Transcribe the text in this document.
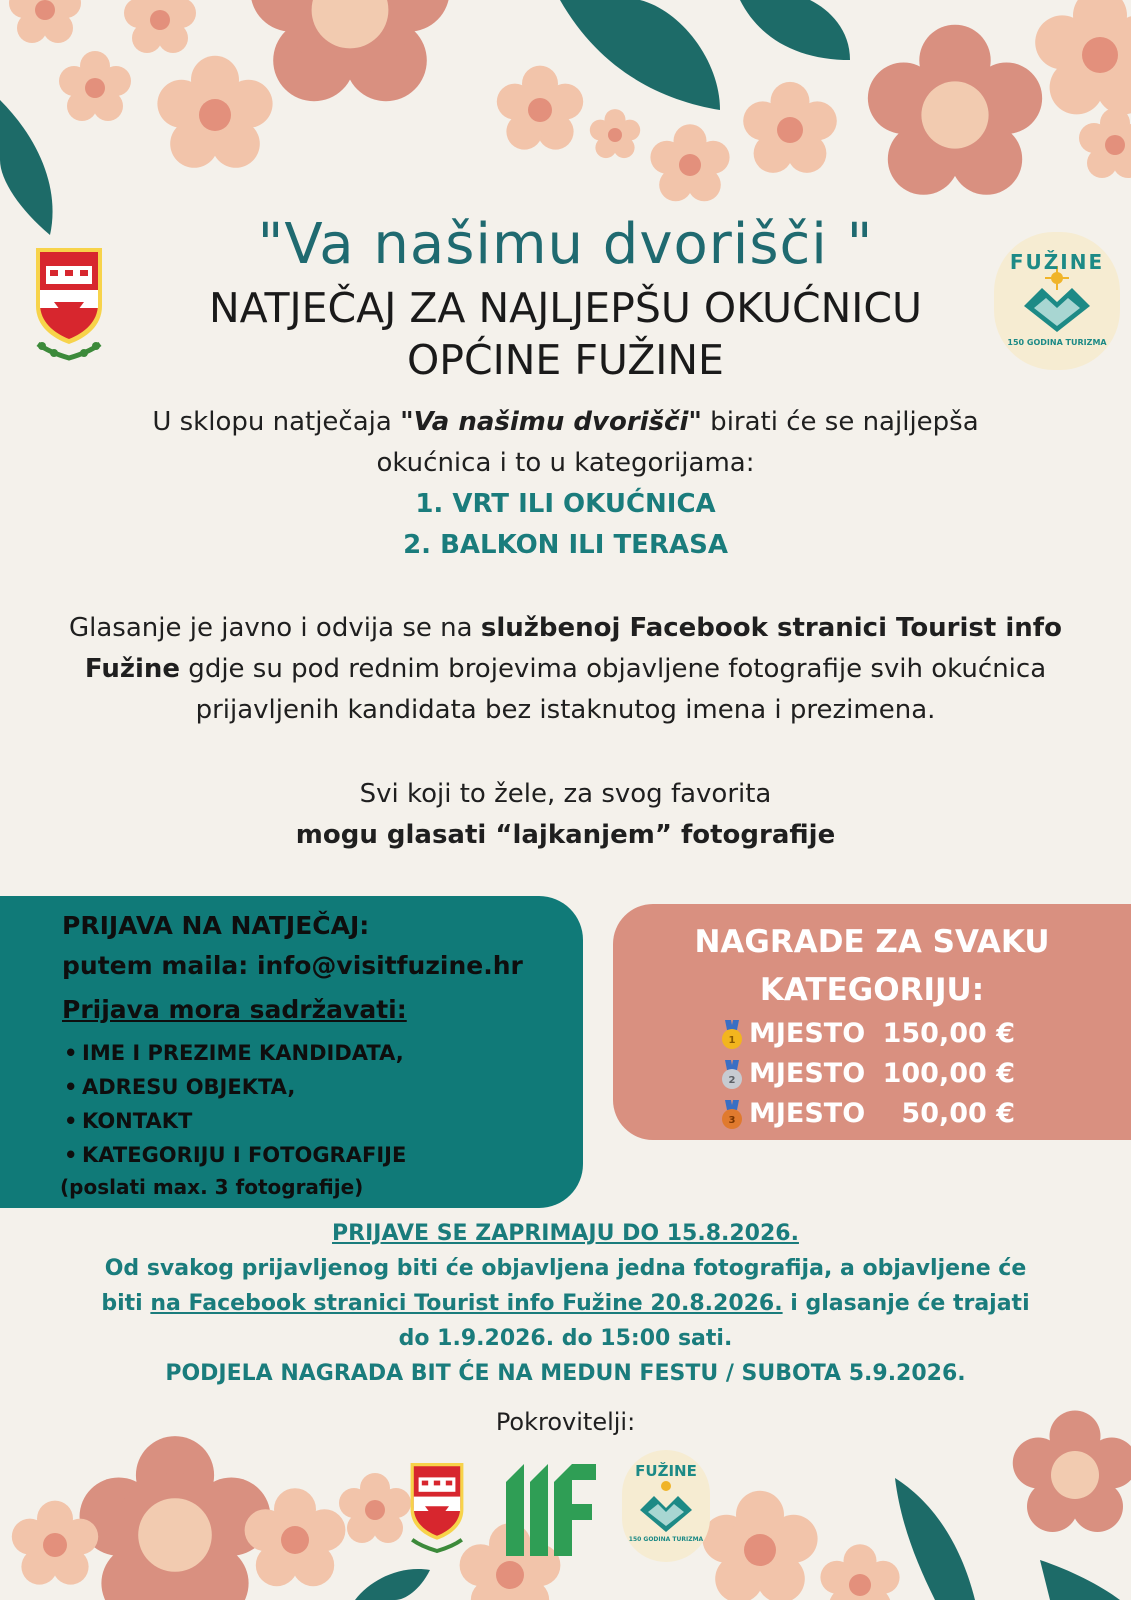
FUŽINE
150 GODINA TURIZMA
"Va našimu dvorišči "
NATJEČAJ ZA NAJLJEPŠU OKUĆNICU
OPĆINE FUŽINE
U sklopu natječaja "Va našimu dvorišči" birati će se najljepša
okućnica i to u kategorijama:
1. VRT ILI OKUĆNICA
2. BALKON ILI TERASA
Glasanje je javno i odvija se na službenoj Facebook stranici Tourist info Fužine gdje su pod rednim brojevima objavljene fotografije svih okućnica prijavljenih kandidata bez istaknutog imena i prezimena.
Svi koji to žele, za svog favorita
mogu glasati “lajkanjem” fotografije
PRIJAVA NA NATJEČAJ:
putem maila: info@visitfuzine.hr
Prijava mora sadržavati:
• IME I PREZIME KANDIDATA,
• ADRESU OBJEKTA,
• KONTAKT
• KATEGORIJU I FOTOGRAFIJE
(poslati max. 3 fotografije)
NAGRADE ZA SVAKU
KATEGORIJU:
1 MJESTO 150,00 €
2 MJESTO 100,00 €
3 MJESTO 50,00 €
PRIJAVE SE ZAPRIMAJU DO 15.8.2026.
Od svakog prijavljenog biti će objavljena jedna fotografija, a objavljene će
biti na Facebook stranici Tourist info Fužine 20.8.2026. i glasanje će trajati
do 1.9.2026. do 15:00 sati.
PODJELA NAGRADA BIT ĆE NA MEDUN FESTU / SUBOTA 5.9.2026.
Pokrovitelji:
FUŽINE
150 GODINA TURIZMA
